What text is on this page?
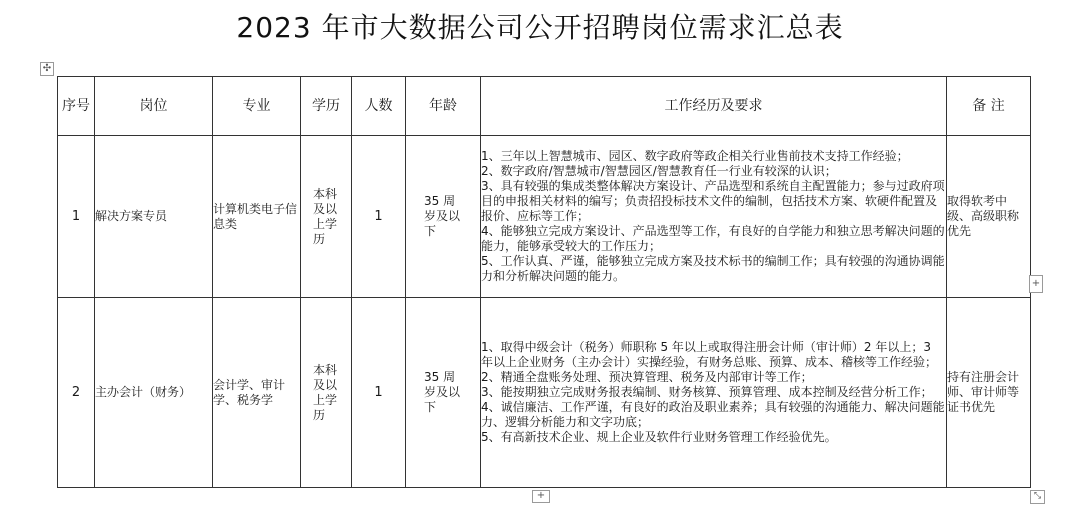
2023 年市大数据公司公开招聘岗位需求汇总表
✣
序号	岗位	专业	学历	人数	年龄	工作经历及要求	备 注
1	解决方案专员	计算机类电子信息类	本科及以上学历	1	35 周岁及以下	1、三年以上智慧城市、园区、数字政府等政企相关行业售前技术支持工作经验；
2、数字政府/智慧城市/智慧园区/智慧教育任一行业有较深的认识；
3、具有较强的集成类整体解决方案设计、产品选型和系统自主配置能力；参与过政府项目的申报相关材料的编写；负责招投标技术文件的编制，包括技术方案、软硬件配置及报价、应标等工作；
4、能够独立完成方案设计、产品选型等工作，有良好的自学能力和独立思考解决问题的能力，能够承受较大的工作压力；
5、工作认真、严谨，能够独立完成方案及技术标书的编制工作；具有较强的沟通协调能力和分析解决问题的能力。	取得软考中级、高级职称优先
2	主办会计（财务）	会计学、审计学、税务学	本科及以上学历	1	35 周岁及以下	1、取得中级会计（税务）师职称 5 年以上或取得注册会计师（审计师）2 年以上；3 年以上企业财务（主办会计）实操经验，有财务总账、预算、成本、稽核等工作经验；
2、精通全盘账务处理、预决算管理、税务及内部审计等工作；
3、能按期独立完成财务报表编制、财务核算、预算管理、成本控制及经营分析工作；
4、诚信廉洁、工作严谨，有良好的政治及职业素养；具有较强的沟通能力、解决问题能力、逻辑分析能力和文字功底；
5、有高新技术企业、规上企业及软件行业财务管理工作经验优先。	持有注册会计师、审计师等证书优先
+
+	⤡
